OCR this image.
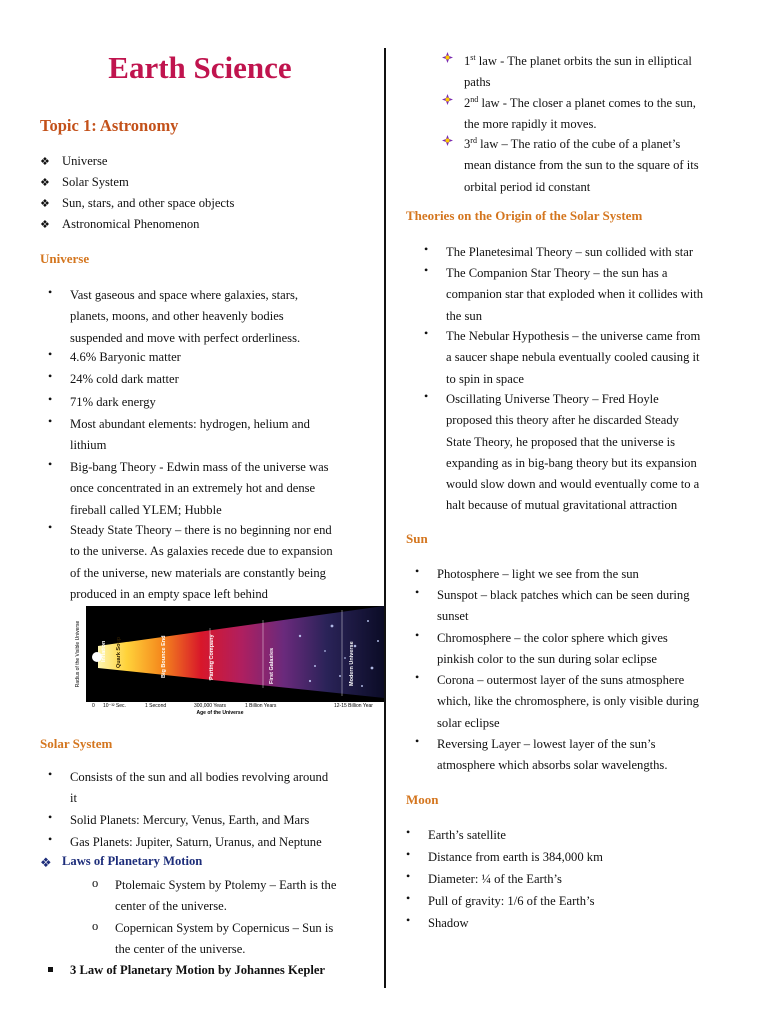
Earth Science
Topic 1: Astronomy
❖ Universe
❖ Solar System
❖ Sun, stars, and other space objects
❖ Astronomical Phenomenon
Universe
• Vast gaseous and space where galaxies, stars,
planets, moons, and other heavenly bodies
suspended and move with perfect orderliness.
• 4.6% Baryonic matter
• 24% cold dark matter
• 71% dark energy
• Most abundant elements: hydrogen, helium and
lithium
• Big-bang Theory - Edwin mass of the universe was
once concentrated in an extremely hot and dense
fireball called YLEM; Hubble
• Steady State Theory – there is no beginning nor end
to the universe. As galaxies recede due to expansion
of the universe, new materials are constantly being
produced in an empty space left behind
Radius of the Visible Universe	Inflation Quark Soup	Big Bounce End	Parting Company	First Galaxies	Modern Universe
0 10⁻³² Sec.	1 Second	300,000 Years	1 Billion Years	12-15 Billion Year
Age of the Universe
Solar System
• Consists of the sun and all bodies revolving around
it
• Solid Planets: Mercury, Venus, Earth, and Mars
• Gas Planets: Jupiter, Saturn, Uranus, and Neptune
❖ Laws of Planetary Motion
o Ptolemaic System by Ptolemy – Earth is the
center of the universe.
o Copernican System by Copernicus – Sun is
the center of the universe.
3 Law of Planetary Motion by Johannes Kepler
1st law - The planet orbits the sun in elliptical
paths
2nd law - The closer a planet comes to the sun,
the more rapidly it moves.
3rd law – The ratio of the cube of a planet’s
mean distance from the sun to the square of its
orbital period id constant
Theories on the Origin of the Solar System
• The Planetesimal Theory – sun collided with star
• The Companion Star Theory – the sun has a
companion star that exploded when it collides with
the sun
• The Nebular Hypothesis – the universe came from
a saucer shape nebula eventually cooled causing it
to spin in space
• Oscillating Universe Theory – Fred Hoyle
proposed this theory after he discarded Steady
State Theory, he proposed that the universe is
expanding as in big-bang theory but its expansion
would slow down and would eventually come to a
halt because of mutual gravitational attraction
Sun
• Photosphere – light we see from the sun
• Sunspot – black patches which can be seen during
sunset
• Chromosphere – the color sphere which gives
pinkish color to the sun during solar eclipse
• Corona – outermost layer of the suns atmosphere
which, like the chromosphere, is only visible during
solar eclipse
• Reversing Layer – lowest layer of the sun’s
atmosphere which absorbs solar wavelengths.
Moon
• Earth’s satellite
• Distance from earth is 384,000 km
• Diameter: ¼ of the Earth’s
• Pull of gravity: 1/6 of the Earth’s
• Shadow
